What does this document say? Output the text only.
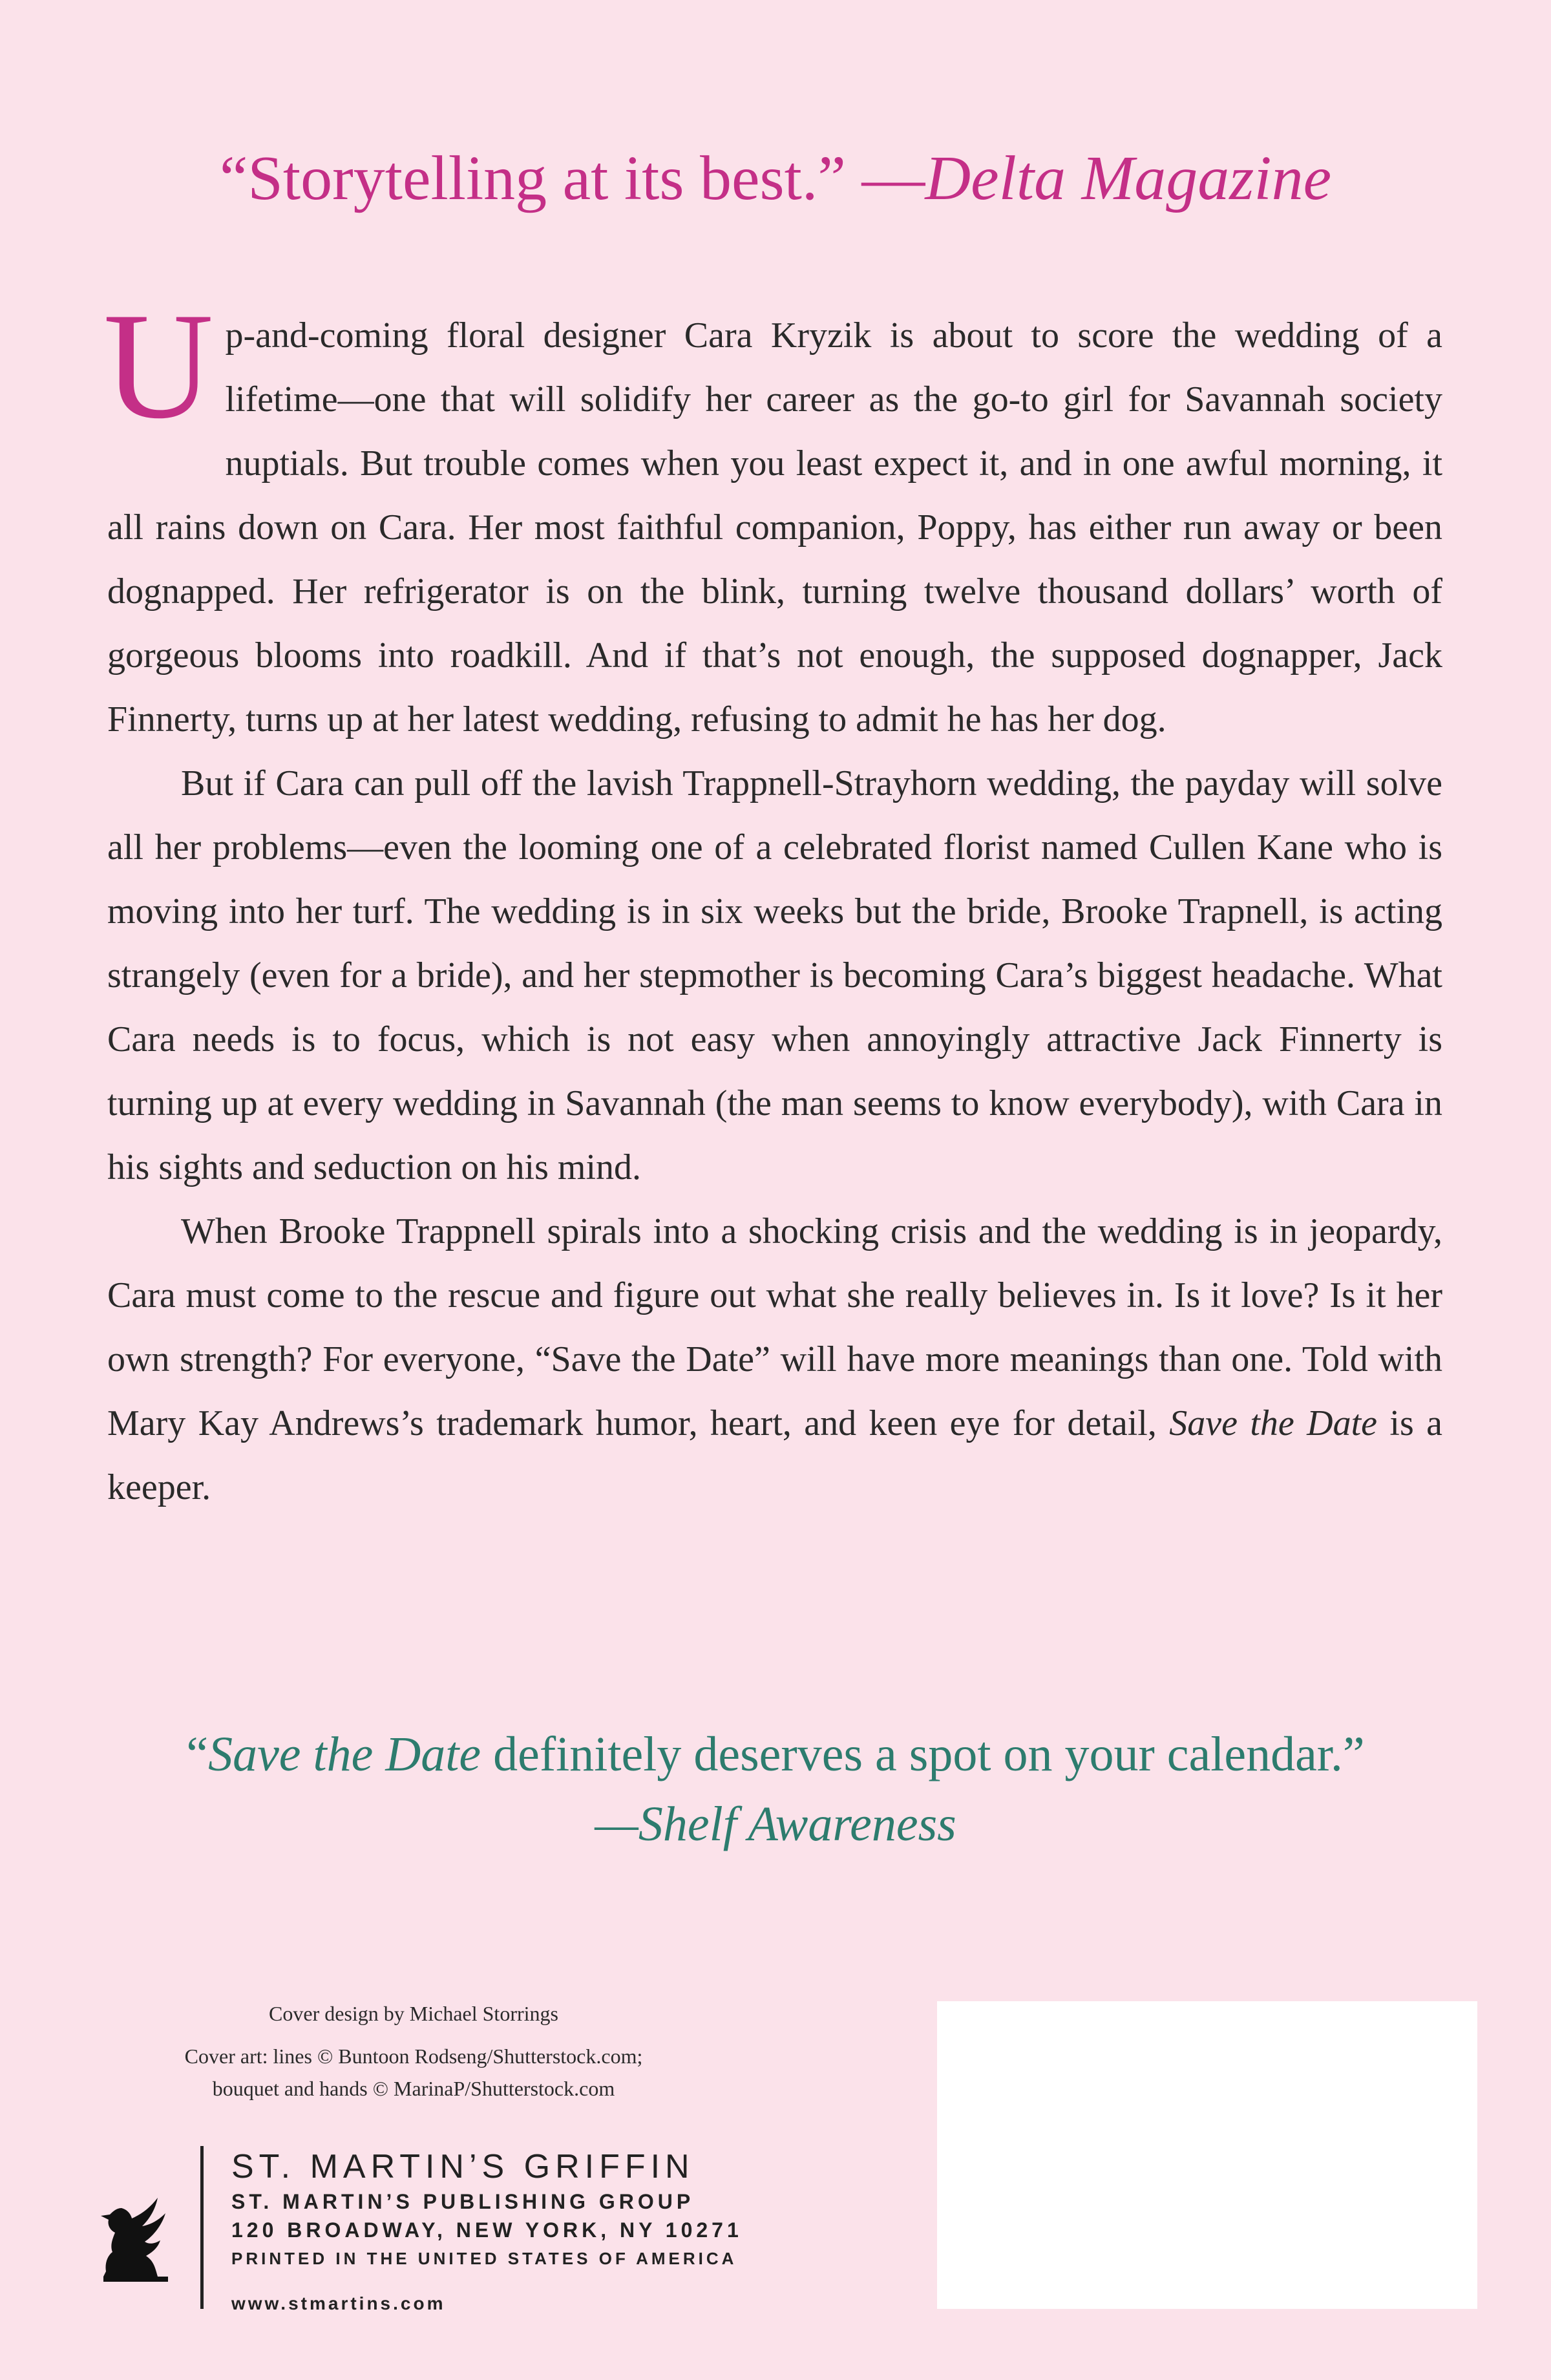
“Storytelling at its best.” —Delta Magazine

Up-and-coming floral designer Cara Kryzik is about to score the wedding of a lifetime—one that will solidify her career as the go-to girl for Savannah society nuptials. But trouble comes when you least expect it, and in one awful morning, it all rains down on Cara. Her most faithful companion, Poppy, has either run away or been dognapped. Her refrigerator is on the blink, turning twelve thousand dollars’ worth of gorgeous blooms into roadkill. And if that’s not enough, the supposed dognapper, Jack Finnerty, turns up at her latest wedding, refusing to admit he has her dog.

But if Cara can pull off the lavish Trappnell-Strayhorn wedding, the payday will solve all her problems—even the looming one of a celebrated florist named Cullen Kane who is moving into her turf. The wedding is in six weeks but the bride, Brooke Trapnell, is acting strangely (even for a bride), and her stepmother is becoming Cara’s biggest headache. What Cara needs is to focus, which is not easy when annoyingly attractive Jack Finnerty is turning up at every wedding in Savannah (the man seems to know everybody), with Cara in his sights and seduction on his mind.

When Brooke Trappnell spirals into a shocking crisis and the wedding is in jeopardy, Cara must come to the rescue and figure out what she really believes in. Is it love? Is it her own strength? For everyone, “Save the Date” will have more meanings than one. Told with Mary Kay Andrews’s trademark humor, heart, and keen eye for detail, Save the Date is a keeper.

“Save the Date definitely deserves a spot on your calendar.”
—Shelf Awareness
Cover design by Michael Storrings
Cover art: lines © Buntoon Rodseng/Shutterstock.com;
bouquet and hands © MarinaP/Shutterstock.com
ST. MARTIN’S GRIFFIN
ST. MARTIN’S PUBLISHING GROUP
120 BROADWAY, NEW YORK, NY 10271
PRINTED IN THE UNITED STATES OF AMERICA
www.stmartins.com
